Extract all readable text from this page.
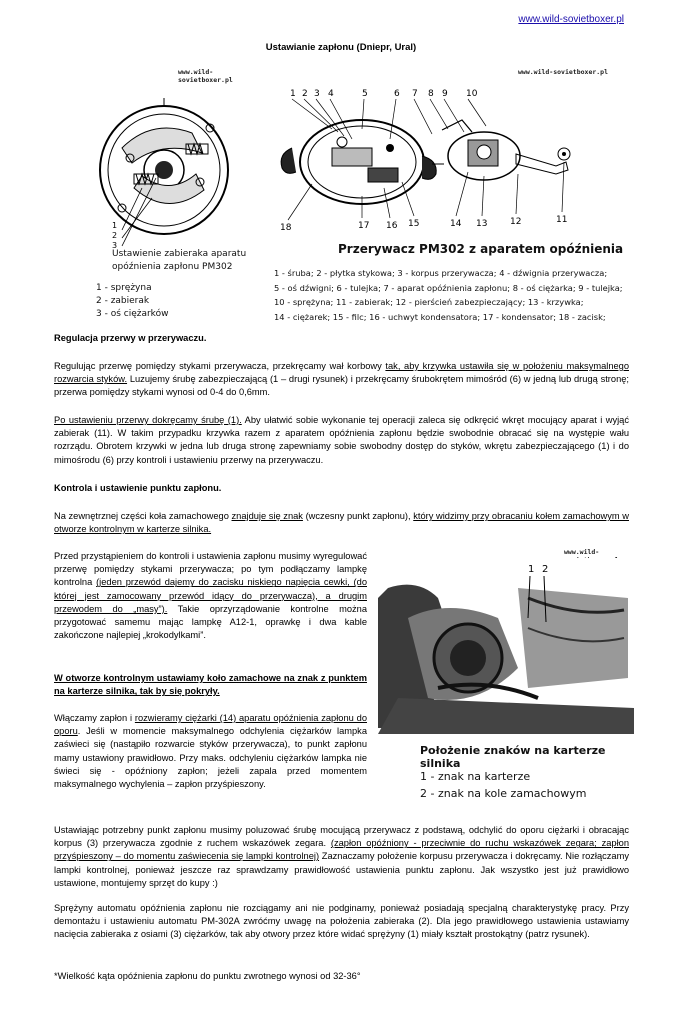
www.wild-sovietboxer.pl
Ustawianie zapłonu (Dniepr, Ural)
www.wild-sovietboxer.pl
1
2
3
Ustawienie zabieraka aparatu
opóźnienia zapłonu PM302
1 - sprężyna
2 - zabierak
3 - oś ciężarków
www.wild-sovietboxer.pl
1 2 3 4	5	6 7 8 9 10
18	17 16 15	14 13	12	11
Przerywacz PM302 z aparatem opóźnienia
1 - śruba; 2 - płytka stykowa; 3 - korpus przerywacza; 4 - dźwignia przerywacza;
5 - oś dźwigni; 6 - tulejka; 7 - aparat opóźnienia zapłonu; 8 - oś ciężarka; 9 - tulejka;
10 - sprężyna; 11 - zabierak; 12 - pierścień zabezpieczający; 13 - krzywka;
14 - ciężarek; 15 - filc; 16 - uchwyt kondensatora; 17 - kondensator; 18 - zacisk;
Regulacja przerwy w przerywaczu.

Regulując przerwę pomiędzy stykami przerywacza, przekręcamy wał korbowy tak, aby krzywka ustawiła się w położeniu maksymalnego rozwarcia styków. Luzujemy śrubę zabezpieczającą (1 – drugi rysunek) i przekręcamy śrubokrętem mimośród (6) w jedną lub drugą stronę; przerwa pomiędzy stykami wynosi od 0-4 do 0,6mm.

Po ustawieniu przerwy dokręcamy śrubę (1). Aby ułatwić sobie wykonanie tej operacji zaleca się odkręcić wkręt mocujący aparat i wyjąć zabierak (11). W takim przypadku krzywka razem z aparatem opóźnienia zapłonu będzie swobodnie obracać się na występie wału rozrządu. Obrotem krzywki w jedna lub druga stronę zapewniamy sobie swobodny dostęp do styków, wkrętu zabezpieczającego (1) i do mimośrodu (6) przy kontroli i ustawieniu przerwy na przerywaczu.

Kontrola i ustawienie punktu zapłonu.

Na zewnętrznej części koła zamachowego znajduje się znak (wczesny punkt zapłonu), który widzimy przy obracaniu kołem zamachowym w otworze kontrolnym w karterze silnika.

Przed przystąpieniem do kontroli i ustawienia zapłonu musimy wyregulować przerwę pomiędzy stykami przerywacza; po tym podłączamy lampkę kontrolna (jeden przewód dajemy do zacisku niskiego napięcia cewki, (do której jest zamocowany przewód idący do przerywacza), a drugim przewodem do „masy”). Takie oprzyrządowanie kontrolne można przygotować samemu mając lampkę A12-1, oprawkę i dwa kable zakończone najlepiej „krokodylkami”.

W otworze kontrolnym ustawiamy koło zamachowe na znak z punktem na karterze silnika, tak by się pokryły.

Włączamy zapłon i rozwieramy ciężarki (14) aparatu opóźnienia zapłonu do oporu. Jeśli w momencie maksymalnego odchylenia ciężarków lampka zaświeci się (nastąpiło rozwarcie styków przerywacza), to punkt zapłonu mamy ustawiony prawidłowo. Przy maks. odchyleniu ciężarków lampka nie świeci się - opóźniony zapłon; jeżeli zapala przed momentem maksymalnego wychylenia – zapłon przyśpieszony.

www.wild-
1 2
Położenie znaków na karterze silnika
1 - znak na karterze
2 - znak na kole zamachowym

Ustawiając potrzebny punkt zapłonu musimy poluzować śrubę mocującą przerywacz z podstawą, odchylić do oporu ciężarki i obracając korpus (3) przerywacza zgodnie z ruchem wskazówek zegara. (zapłon opóźniony - przeciwnie do ruchu wskazówek zegara; zapłon przyśpieszony – do momentu zaświecenia się lampki kontrolnej) Zaznaczamy położenie korpusu przerywacza i dokręcamy. Nie rozłączamy lampki kontrolnej, ponieważ jeszcze raz sprawdzamy prawidłowość ustawienia punktu zapłonu. Jak wszystko jest już prawidłowo ustawione, montujemy sprzęt do kupy :)

Sprężyny automatu opóźnienia zapłonu nie rozciągamy ani nie podginamy, ponieważ posiadają specjalną charakterystykę pracy. Przy demontażu i ustawieniu automatu PM-302A zwróćmy uwagę na położenia zabieraka (2). Dla jego prawidłowego ustawienia ustawiamy nacięcia zabieraka z osiami (3) ciężarków, tak aby otwory przez które widać sprężyny (1) miały kształt prostokątny (patrz rysunek).

*Wielkość kąta opóźnienia zapłonu do punktu zwrotnego wynosi od 32-36°
